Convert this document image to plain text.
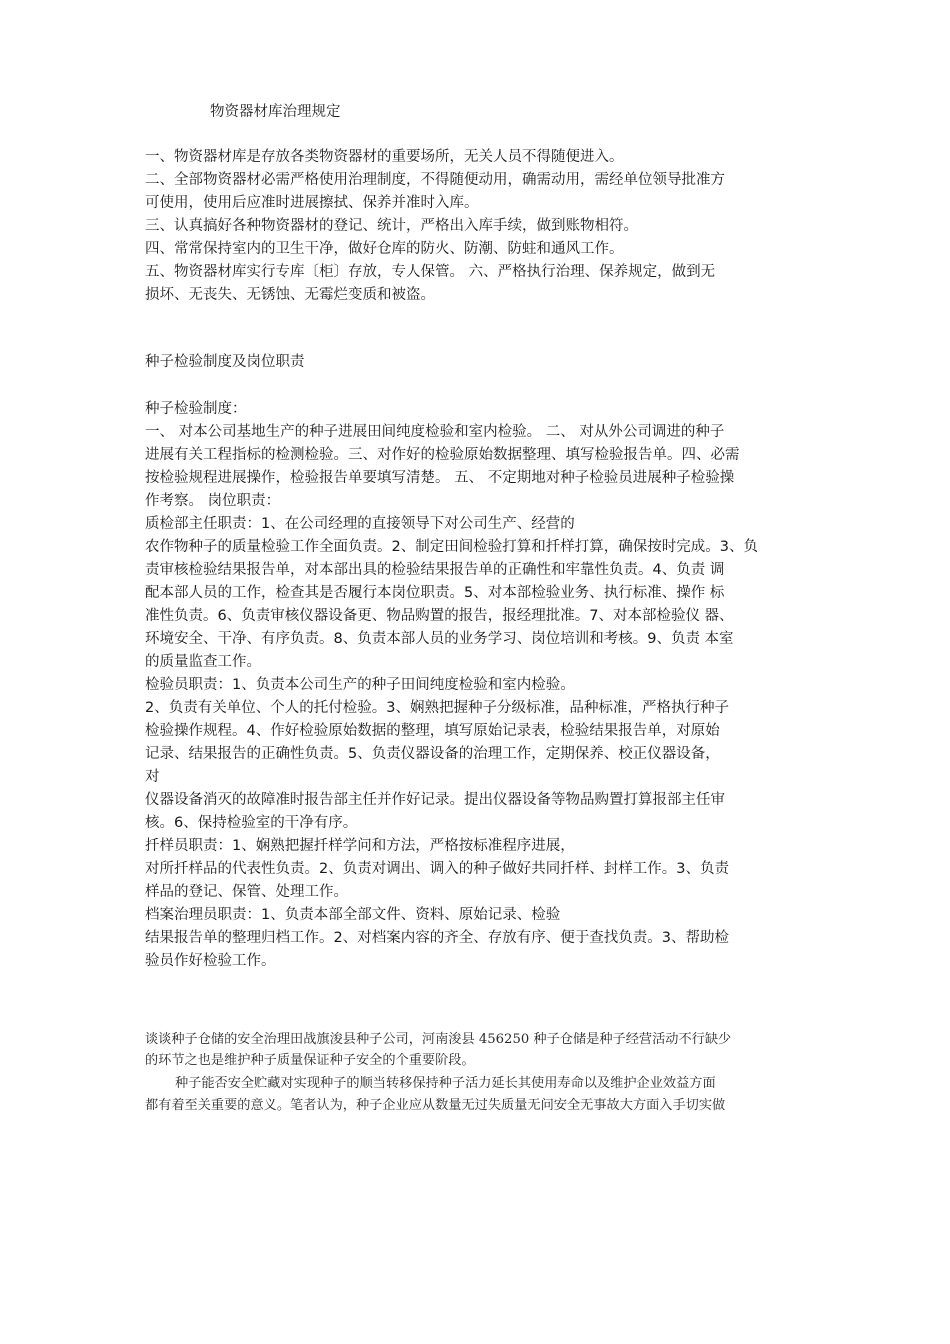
物资器材库治理规定
一、物资器材库是存放各类物资器材的重要场所，无关人员不得随便进入。
二、全部物资器材必需严格使用治理制度，不得随便动用，确需动用，需经单位领导批准方
可使用，使用后应准时进展擦拭、保养并准时入库。
三、认真搞好各种物资器材的登记、统计，严格出入库手续，做到账物相符。
四、常常保持室内的卫生干净，做好仓库的防火、防潮、防蛀和通风工作。
五、物资器材库实行专库〔柜〕存放，专人保管。 六、严格执行治理、保养规定，做到无
损坏、无丧失、无锈蚀、无霉烂变质和被盗。
种子检验制度及岗位职责
种子检验制度：
一、 对本公司基地生产的种子进展田间纯度检验和室内检验。 二、 对从外公司调进的种子
进展有关工程指标的检测检验。三、对作好的检验原始数据整理、填写检验报告单。四、必需
按检验规程进展操作，检验报告单要填写清楚。 五、 不定期地对种子检验员进展种子检验操
作考察。 岗位职责：
质检部主任职责：1、在公司经理的直接领导下对公司生产、经营的
农作物种子的质量检验工作全面负责。2、制定田间检验打算和扦样打算，确保按时完成。3、负
责审核检验结果报告单，对本部出具的检验结果报告单的正确性和牢靠性负责。4、负责 调
配本部人员的工作，检查其是否履行本岗位职责。5、对本部检验业务、执行标准、操作 标
准性负责。6、负责审核仪器设备更、物品购置的报告，报经理批准。7、对本部检验仪 器、
环境安全、干净、有序负责。8、负责本部人员的业务学习、岗位培训和考核。9、负责 本室
的质量监查工作。
检验员职责：1、负责本公司生产的种子田间纯度检验和室内检验。
2、负责有关单位、个人的托付检验。3、娴熟把握种子分级标准，品种标准，严格执行种子
检验操作规程。4、作好检验原始数据的整理，填写原始记录表，检验结果报告单，对原始
记录、结果报告的正确性负责。5、负责仪器设备的治理工作，定期保养、校正仪器设备，
对
仪器设备消灭的故障准时报告部主任并作好记录。提出仪器设备等物品购置打算报部主任审
核。6、保持检验室的干净有序。
扦样员职责：1、娴熟把握扦样学问和方法，严格按标准程序进展，
对所扦样品的代表性负责。2、负责对调出、调入的种子做好共同扦样、封样工作。3、负责
样品的登记、保管、处理工作。
档案治理员职责：1、负责本部全部文件、资料、原始记录、检验
结果报告单的整理归档工作。2、对档案内容的齐全、存放有序、便于查找负责。3、帮助检
验员作好检验工作。
谈谈种子仓储的安全治理田战旗浚县种子公司，河南浚县 456250 种子仓储是种子经营活动不行缺少
的环节之也是维护种子质量保证种子安全的个重要阶段。
种子能否安全贮藏对实现种子的顺当转移保持种子活力延长其使用寿命以及维护企业效益方面
都有着至关重要的意义。笔者认为，种子企业应从数量无过失质量无问安全无事故大方面入手切实做
